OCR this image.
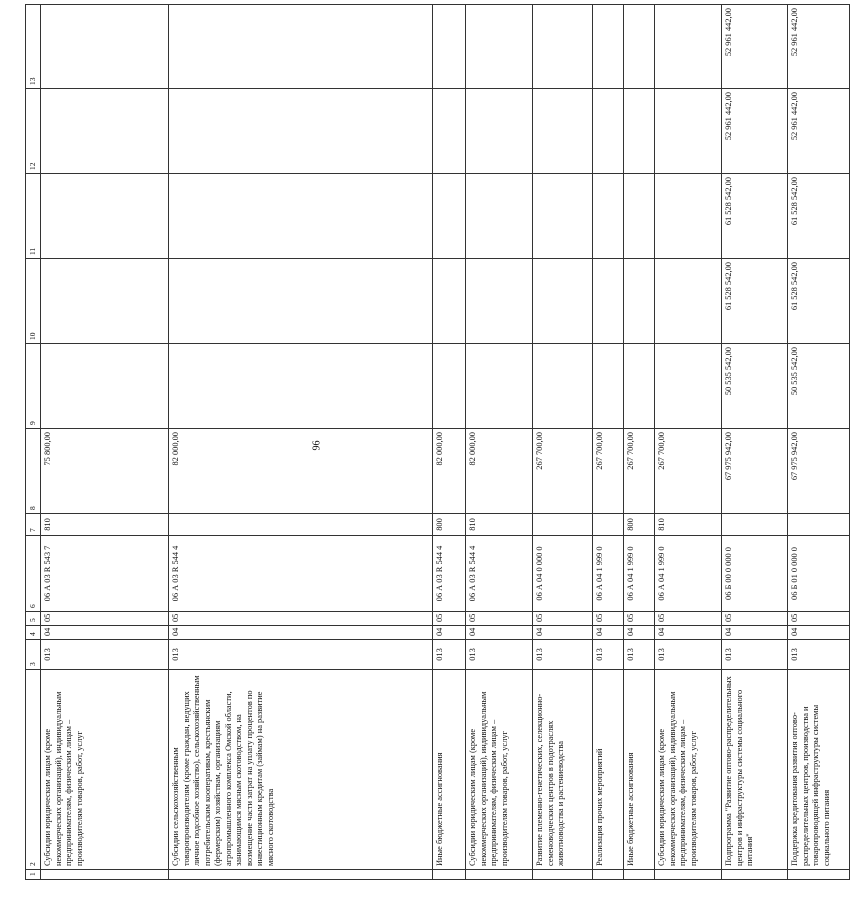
96
1	2	3	4	5	6	7	8	9	10	11	12	13
	Субсидии юридическим лицам (кроме некоммерческих организаций), индивидуальным предпринимателям, физическим лицам – производителям товаров, работ, услуг	013	04	05	06 А 03 R 543 7	810	75 800,00					
	Субсидии сельскохозяйственным товаропроизводителям (кроме граждан, ведущих личное подсобное хозяйство), сельскохозяйственным потребительским кооперативам, крестьянским (фермерским) хозяйствам, организациям агропромышленного комплекса Омской области, занимающимся мясным скотоводством, на возмещение части затрат на уплату процентов по инвестиционным кредитам (займам) на развитие мясного скотоводства	013	04	05	06 А 03 R 544 4		82 000,00					
	Иные бюджетные ассигнования	013	04	05	06 А 03 R 544 4	800	82 000,00					
	Субсидии юридическим лицам (кроме некоммерческих организаций), индивидуальным предпринимателям, физическим лицам – производителям товаров, работ, услуг	013	04	05	06 А 03 R 544 4	810	82 000,00					
	Развитие племенно-генетических, селекционно-семеноводческих центров в подотраслях животноводства и растениеводства	013	04	05	06 А 04 0 000 0		267 700,00					
	Реализация прочих мероприятий	013	04	05	06 А 04 1 999 0		267 700,00					
	Иные бюджетные ассигнования	013	04	05	06 А 04 1 999 0	800	267 700,00					
	Субсидии юридическим лицам (кроме некоммерческих организаций), индивидуальным предпринимателям, физическим лицам – производителям товаров, работ, услуг	013	04	05	06 А 04 1 999 0	810	267 700,00					
	Подпрограмма "Развитие оптово-распределительных центров и инфраструктуры системы социального питания"	013	04	05	06 Б 00 0 000 0		67 975 942,00	50 535 542,00	61 528 542,00	61 528 542,00	52 961 442,00	52 961 442,00
	Поддержка кредитования развития оптово-распределительных центров, производства и товаропроводящей инфраструктуры системы социального питания	013	04	05	06 Б 01 0 000 0		67 975 942,00	50 535 542,00	61 528 542,00	61 528 542,00	52 961 442,00	52 961 442,00
